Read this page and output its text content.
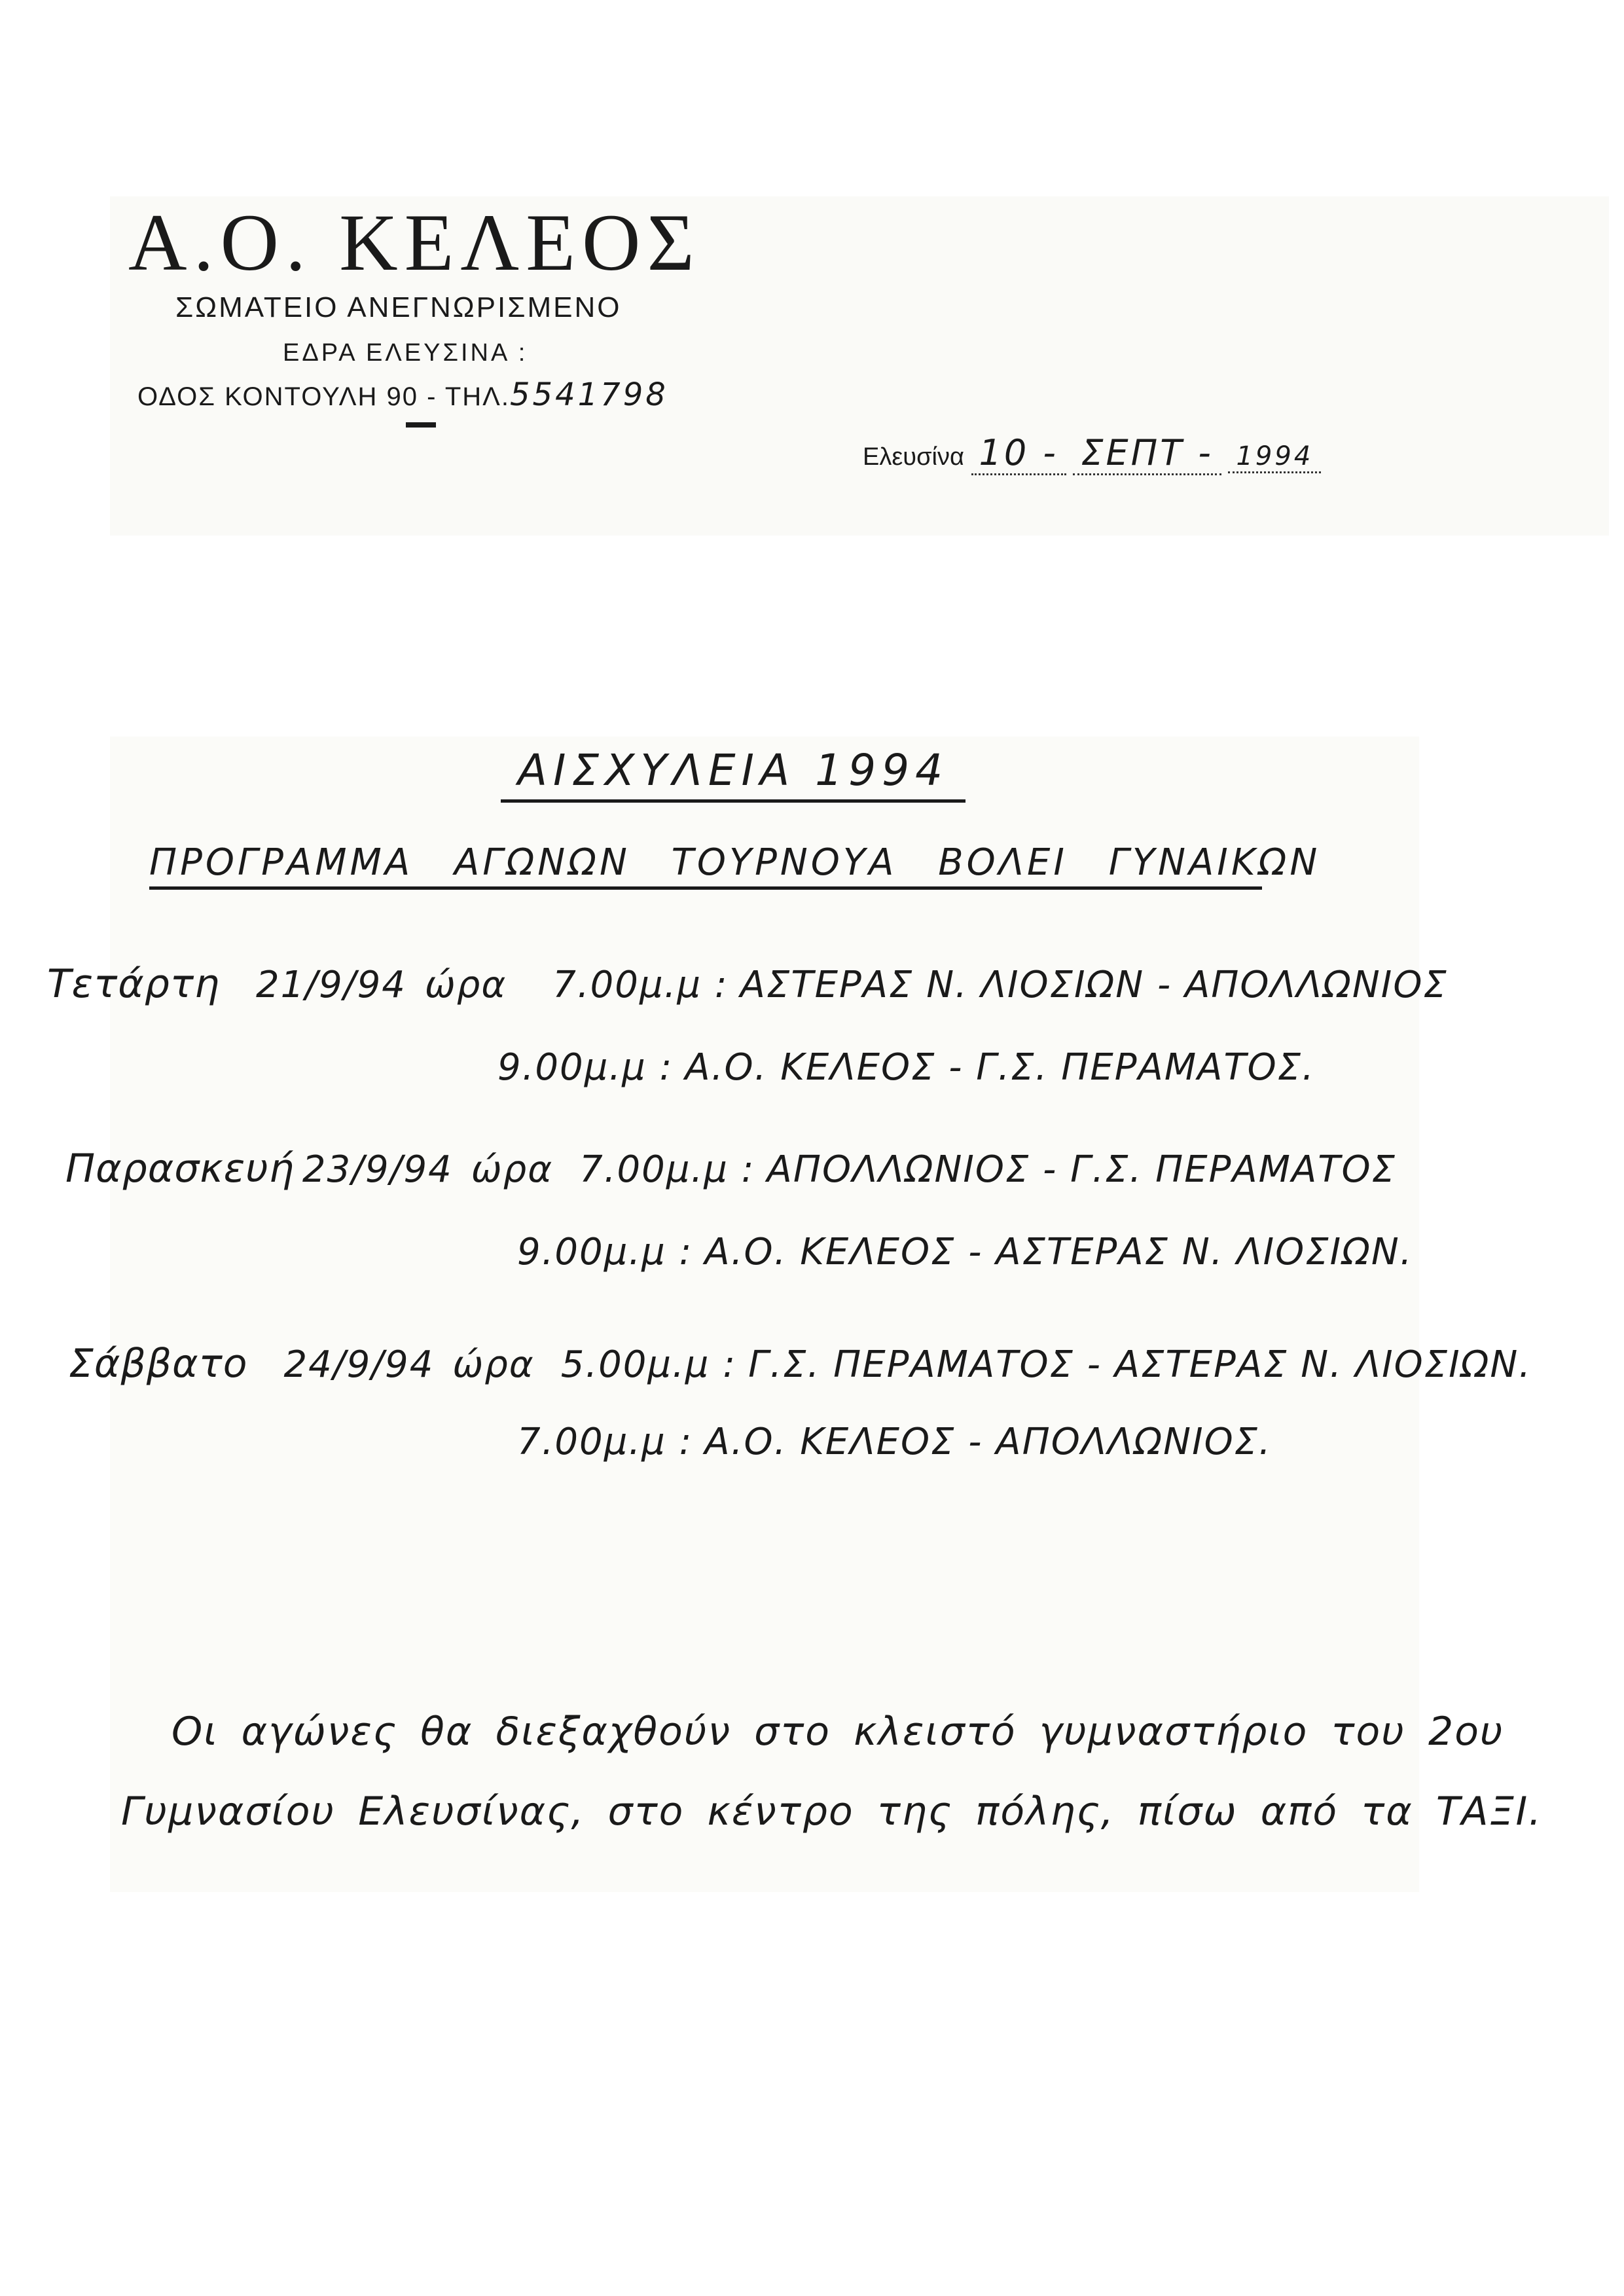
Α.Ο. ΚΕΛΕΟΣ
ΣΩΜΑΤΕΙΟ ΑΝΕΓΝΩΡΙΣΜΕΝΟ
ΕΔΡΑ ΕΛΕΥΣΙΝΑ :
ΟΔΟΣ ΚΟΝΤΟΥΛΗ 90 - ΤΗΛ.5541798
Ελευσίνα 10 - ΣΕΠΤ - 1994
ΑΙΣΧΥΛΕΙΑ 1994
ΠΡΟΓΡΑΜΜΑ ΑΓΩΝΩΝ ΤΟΥΡΝΟΥΑ ΒΟΛΕΙ ΓΥΝΑΙΚΩΝ
Τετάρτη 21/9/94 ώρα 7.00μ.μ : ΑΣΤΕΡΑΣ Ν. ΛΙΟΣΙΩΝ - ΑΠΟΛΛΩΝΙΟΣ
9.00μ.μ : Α.Ο. ΚΕΛΕΟΣ - Γ.Σ. ΠΕΡΑΜΑΤΟΣ.
Παρασκευή 23/9/94 ώρα 7.00μ.μ : ΑΠΟΛΛΩΝΙΟΣ - Γ.Σ. ΠΕΡΑΜΑΤΟΣ
9.00μ.μ : Α.Ο. ΚΕΛΕΟΣ - ΑΣΤΕΡΑΣ Ν. ΛΙΟΣΙΩΝ.
Σάββατο 24/9/94 ώρα 5.00μ.μ : Γ.Σ. ΠΕΡΑΜΑΤΟΣ - ΑΣΤΕΡΑΣ Ν. ΛΙΟΣΙΩΝ.
7.00μ.μ : Α.Ο. ΚΕΛΕΟΣ - ΑΠΟΛΛΩΝΙΟΣ.
Οι αγώνες θα διεξαχθούν στο κλειστό γυμναστήριο του 2ου
Γυμνασίου Ελευσίνας, στο κέντρο της πόλης, πίσω από τα ΤΑΞΙ.
